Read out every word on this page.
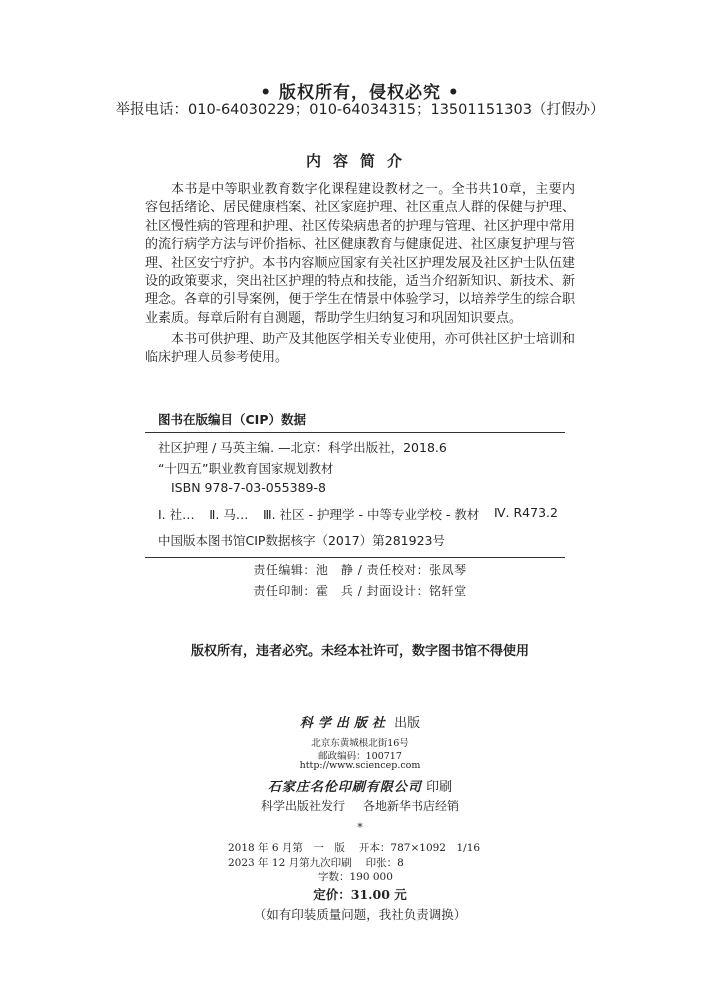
• 版权所有，侵权必究 •
举报电话：010-64030229；010-64034315；13501151303（打假办）
内容简介
本书是中等职业教育数字化课程建设教材之一。全书共10章，主要内容包括绪论、居民健康档案、社区家庭护理、社区重点人群的保健与护理、社区慢性病的管理和护理、社区传染病患者的护理与管理、社区护理中常用的流行病学方法与评价指标、社区健康教育与健康促进、社区康复护理与管理、社区安宁疗护。本书内容顺应国家有关社区护理发展及社区护士队伍建设的政策要求，突出社区护理的特点和技能，适当介绍新知识、新技术、新理念。各章的引导案例，便于学生在情景中体验学习，以培养学生的综合职业素质。每章后附有自测题，帮助学生归纳复习和巩固知识要点。
本书可供护理、助产及其他医学相关专业使用，亦可供社区护士培训和临床护理人员参考使用。
图书在版编目（CIP）数据
社区护理 / 马英主编. —北京：科学出版社，2018.6
“十四五”职业教育国家规划教材
ISBN 978-7-03-055389-8
Ⅰ. 社… Ⅱ. 马… Ⅲ. 社区 - 护理学 - 中等专业学校 - 教材 Ⅳ. R473.2
中国版本图书馆CIP数据核字（2017）第281923号
责任编辑：池　静 / 责任校对：张凤琴
责任印制：霍　兵 / 封面设计：铭轩堂
版权所有，违者必究。未经本社许可，数字图书馆不得使用
科学出版社 出版
北京东黄城根北街16号
邮政编码：100717
http://www.sciencep.com
石家庄名伦印刷有限公司 印刷
科学出版社发行 各地新华书店经销
*
2018 年 6 月第　一　版 开本：787×1092　1/16
2023 年 12 月第九次印刷 印张：8
字数：190 000
定价：31.00 元
（如有印装质量问题，我社负责调换）
